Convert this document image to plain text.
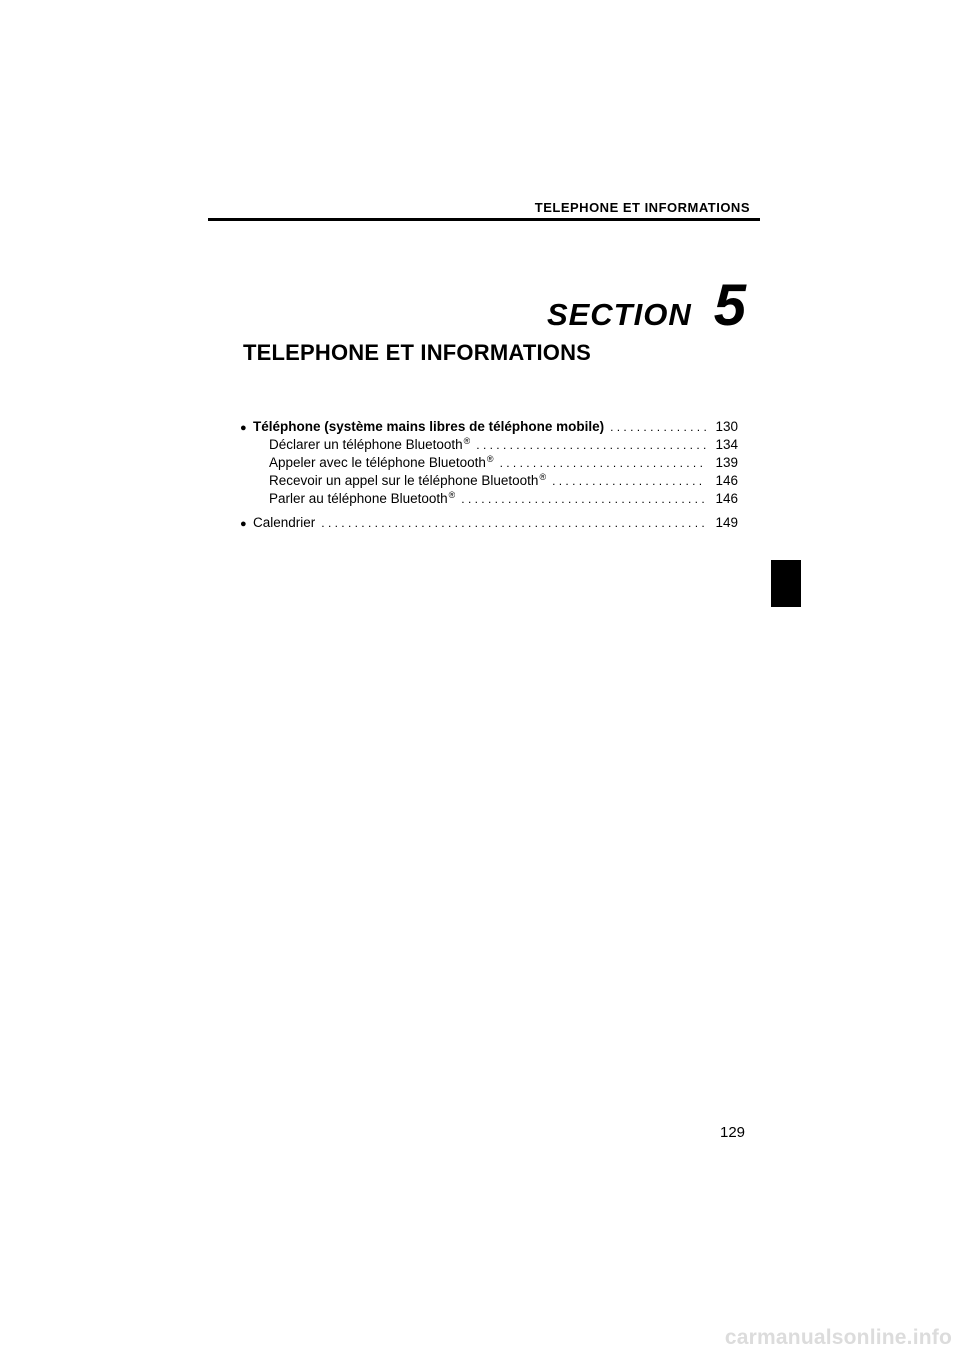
TELEPHONE ET INFORMATIONS
SECTION 5
TELEPHONE ET INFORMATIONS
● Téléphone (système mains libres de téléphone mobile) . . .	130
Déclarer un téléphone Bluetooth® . . .	134
Appeler avec le téléphone Bluetooth® . . .	139
Recevoir un appel sur le téléphone Bluetooth® . . .	146
Parler au téléphone Bluetooth® . . .	146
● Calendrier . . .	149
129
carmanualsonline.info
